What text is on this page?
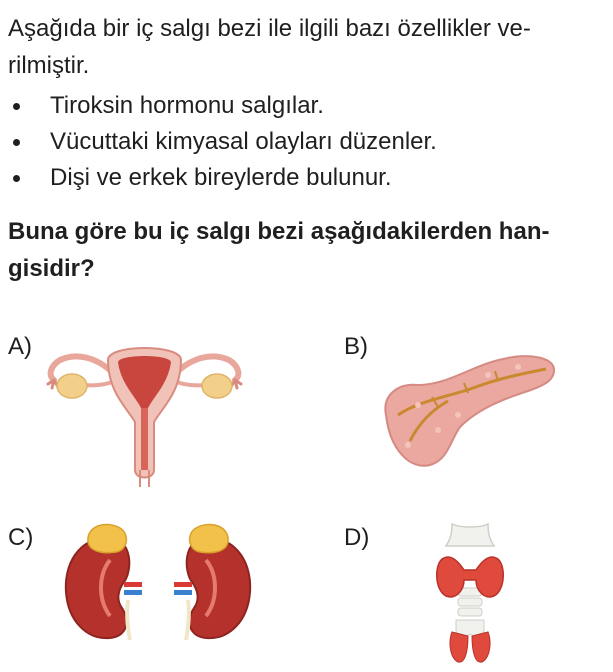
Aşağıda bir iç salgı bezi ile ilgili bazı özellikler ve-
rilmiştir.

Tiroksin hormonu salgılar.
Vücuttaki kimyasal olayları düzenler.
Dişi ve erkek bireylerde bulunur.

Buna göre bu iç salgı bezi aşağıdakilerden han-
gisidir?

A)	B)
C)	D)
